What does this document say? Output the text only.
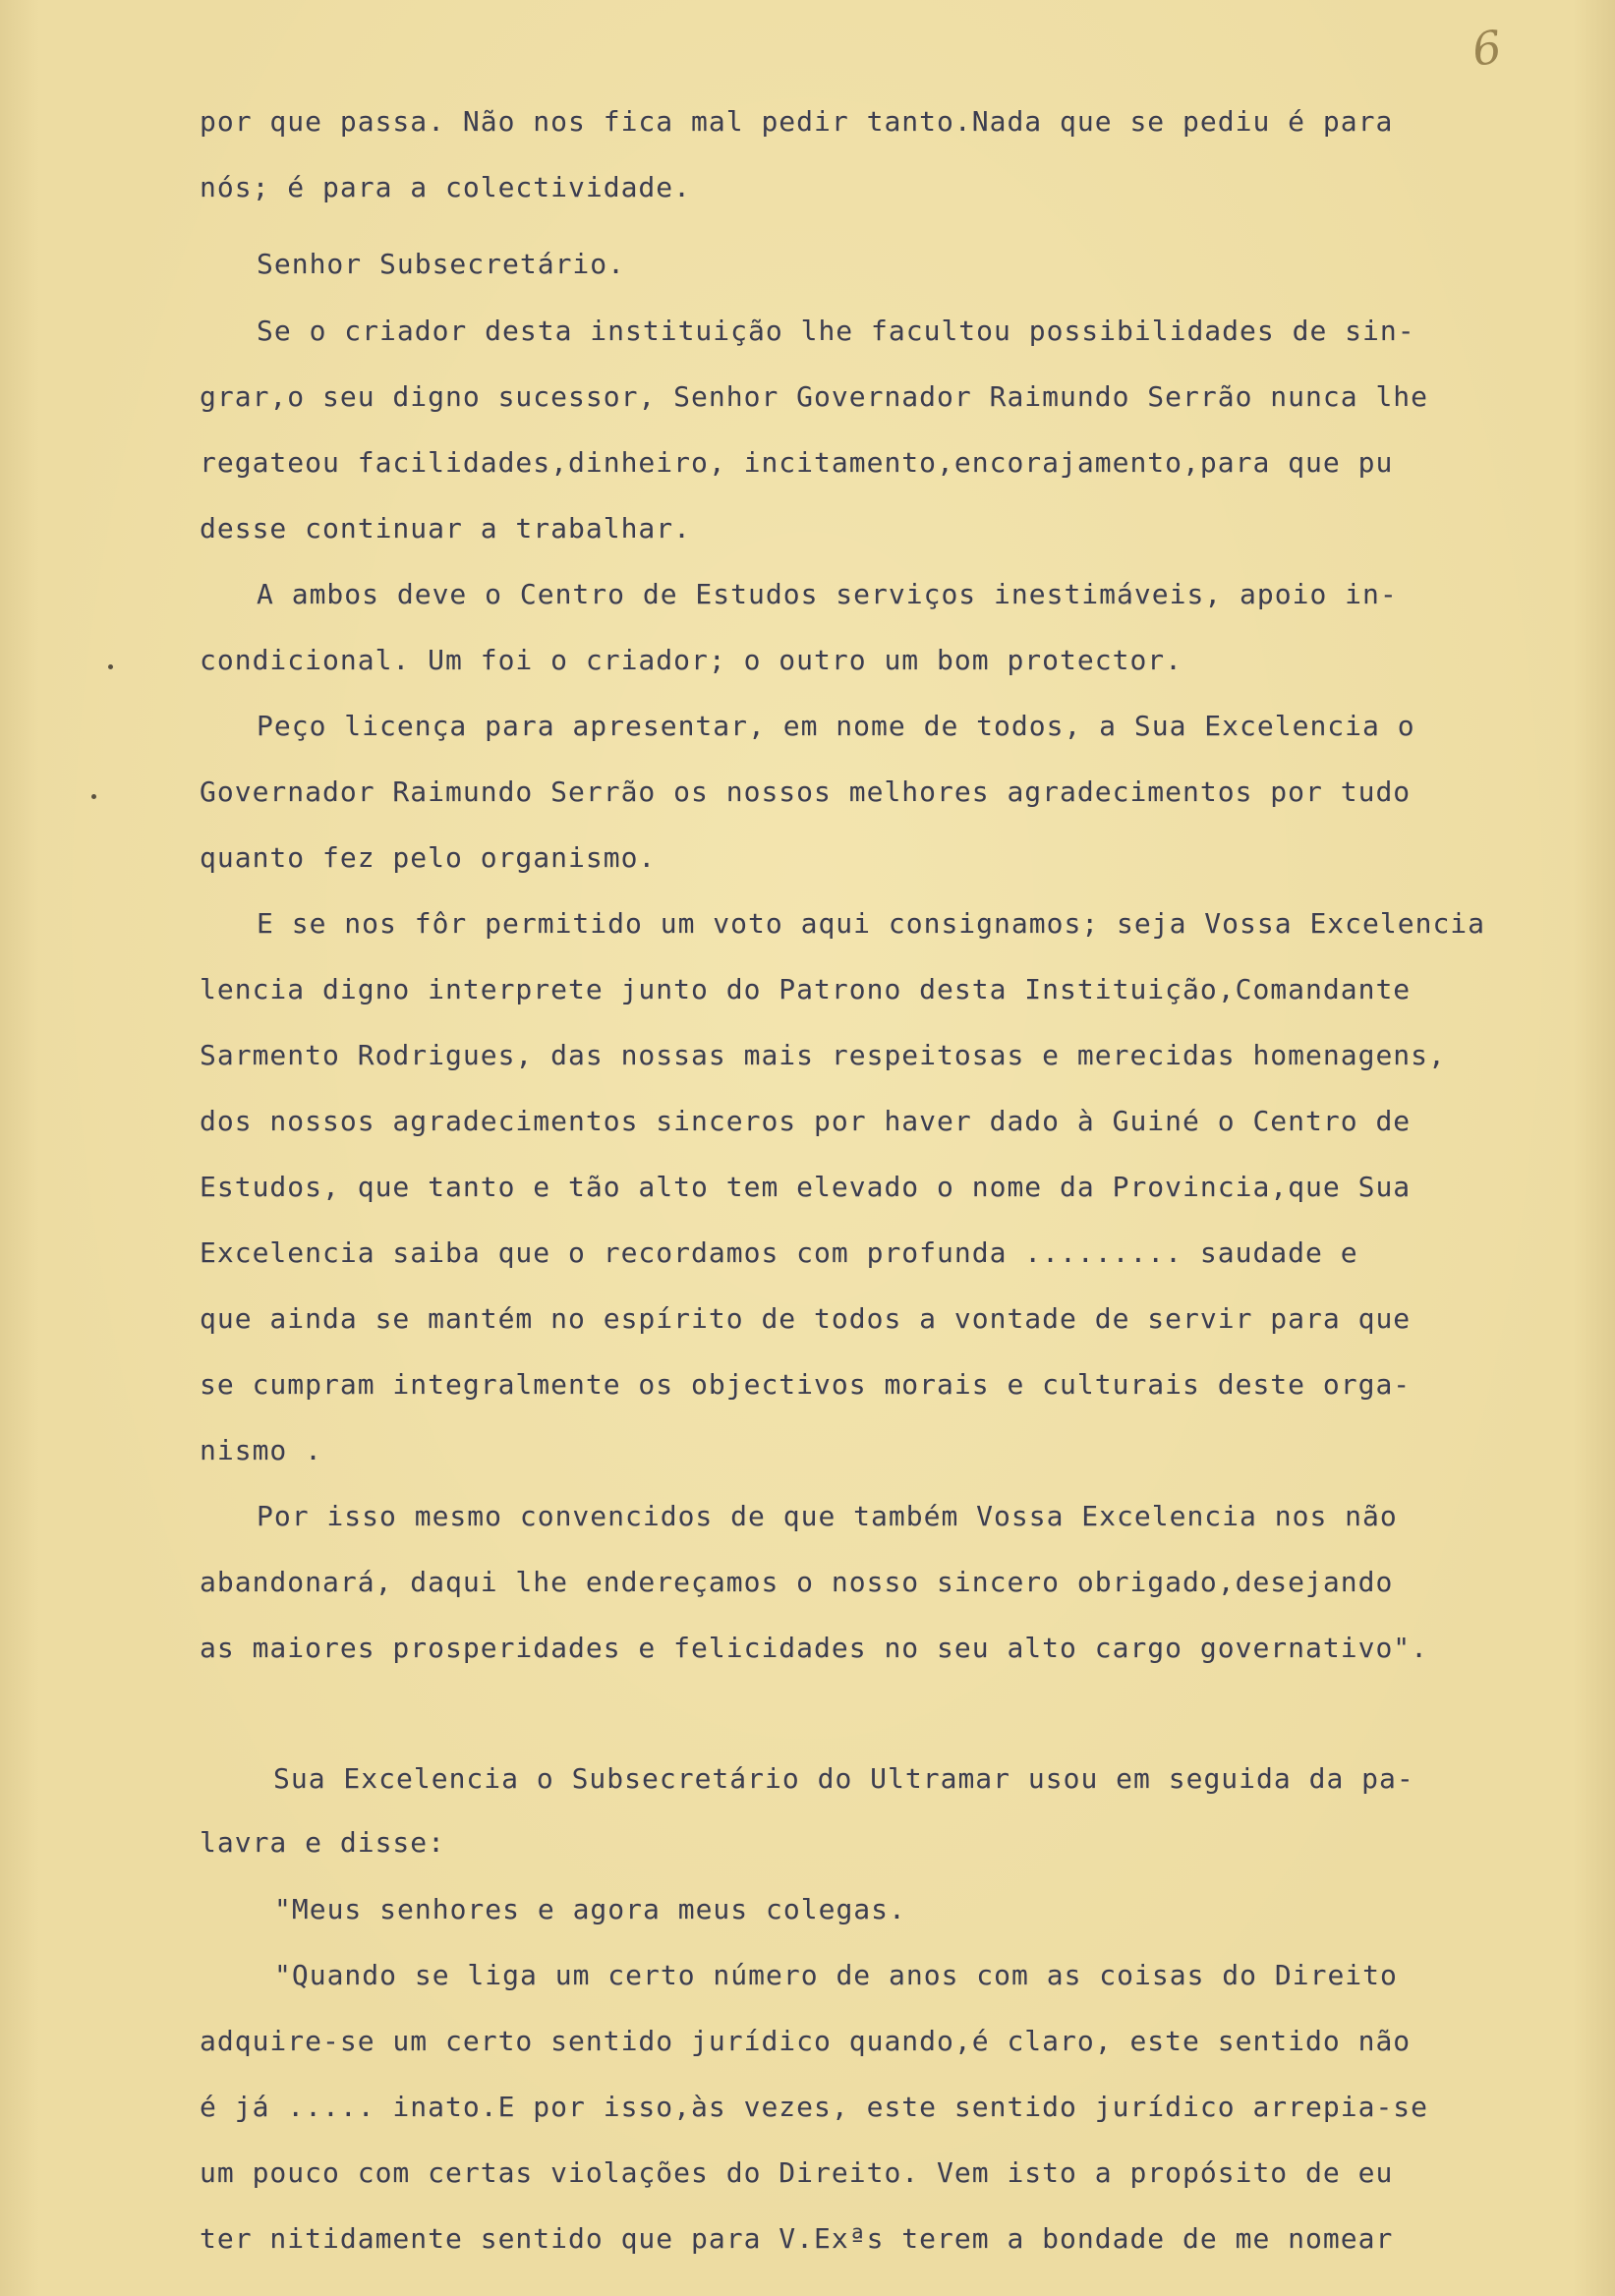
6
por que passa. Não nos fica mal pedir tanto.Nada que se pediu é para
nós; é para a colectividade.
Senhor Subsecretário.
Se o criador desta instituição lhe facultou possibilidades de sin-
grar,o seu digno sucessor, Senhor Governador Raimundo Serrão nunca lhe
regateou facilidades,dinheiro, incitamento,encorajamento,para que pu
desse continuar a trabalhar.
A ambos deve o Centro de Estudos serviços inestimáveis, apoio in-
condicional. Um foi o criador; o outro um bom protector.
Peço licença para apresentar, em nome de todos, a Sua Excelencia o
Governador Raimundo Serrão os nossos melhores agradecimentos por tudo
quanto fez pelo organismo.
E se nos fôr permitido um voto aqui consignamos; seja Vossa Excelencia
lencia digno interprete junto do Patrono desta Instituição,Comandante
Sarmento Rodrigues, das nossas mais respeitosas e merecidas homenagens,
dos nossos agradecimentos sinceros por haver dado à Guiné o Centro de
Estudos, que tanto e tão alto tem elevado o nome da Provincia,que Sua
Excelencia saiba que o recordamos com profunda ......... saudade e
que ainda se mantém no espírito de todos a vontade de servir para que
se cumpram integralmente os objectivos morais e culturais deste orga-
nismo .
Por isso mesmo convencidos de que também Vossa Excelencia nos não
abandonará, daqui lhe endereçamos o nosso sincero obrigado,desejando
as maiores prosperidades e felicidades no seu alto cargo governativo".
Sua Excelencia o Subsecretário do Ultramar usou em seguida da pa-
lavra e disse:
"Meus senhores e agora meus colegas.
"Quando se liga um certo número de anos com as coisas do Direito
adquire-se um certo sentido jurídico quando,é claro, este sentido não
é já ..... inato.E por isso,às vezes, este sentido jurídico arrepia-se
um pouco com certas violações do Direito. Vem isto a propósito de eu
ter nitidamente sentido que para V.Exªs terem a bondade de me nomear
